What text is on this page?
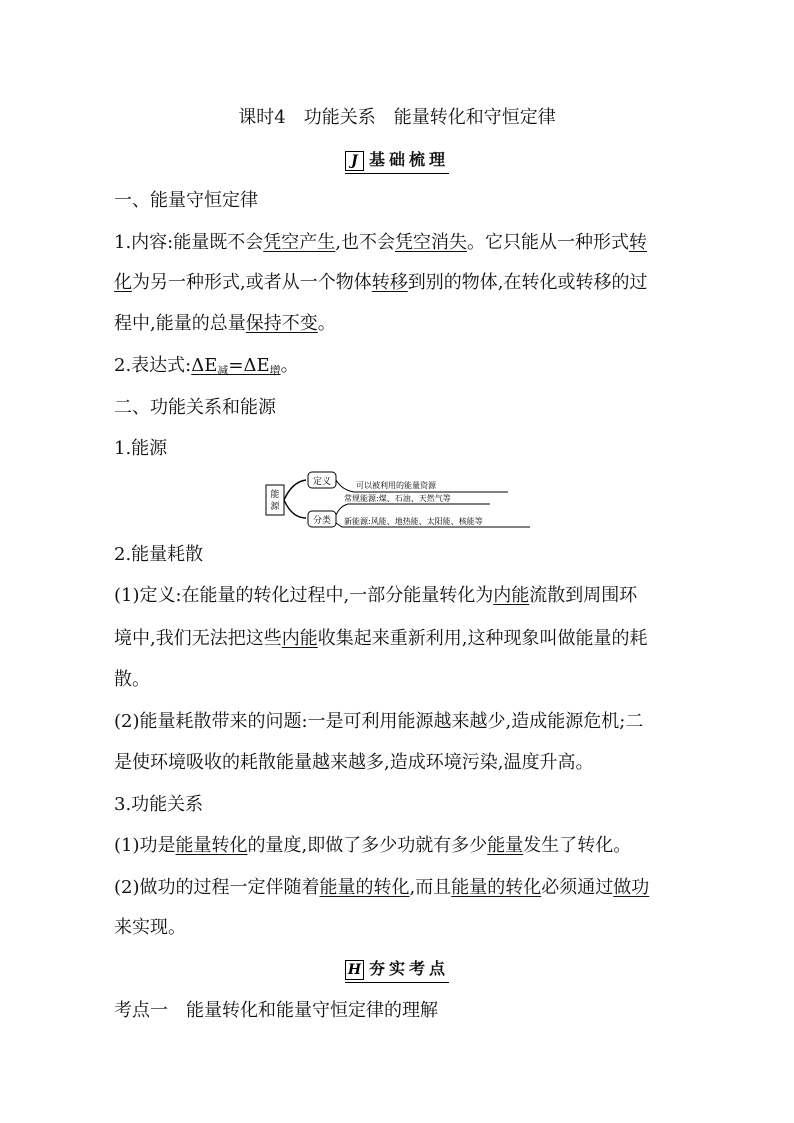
课时4　功能关系　能量转化和守恒定律
J 基础梳理
一、能量守恒定律
1.内容:能量既不会凭空产生,也不会凭空消失。它只能从一种形式转
化为另一种形式,或者从一个物体转移到别的物体,在转化或转移的过
程中,能量的总量保持不变。
2.表达式$:\Delta E_减=\Delta E_增$。
二、功能关系和能源
1.能源
能
源
定义	可以被利用的能量资源
分类
常规能源:煤、石油、天然气等
新能源:风能、地热能、太阳能、核能等
2.能量耗散
(1)定义:在能量的转化过程中,一部分能量转化为内能流散到周围环
境中,我们无法把这些内能收集起来重新利用,这种现象叫做能量的耗
散。
(2)能量耗散带来的问题:一是可利用能源越来越少,造成能源危机;二
是使环境吸收的耗散能量越来越多,造成环境污染,温度升高。
3.功能关系
(1)功是能量转化的量度,即做了多少功就有多少能量发生了转化。
(2)做功的过程一定伴随着能量的转化,而且能量的转化必须通过做功
来实现。
H 夯实考点
考点一　能量转化和能量守恒定律的理解
